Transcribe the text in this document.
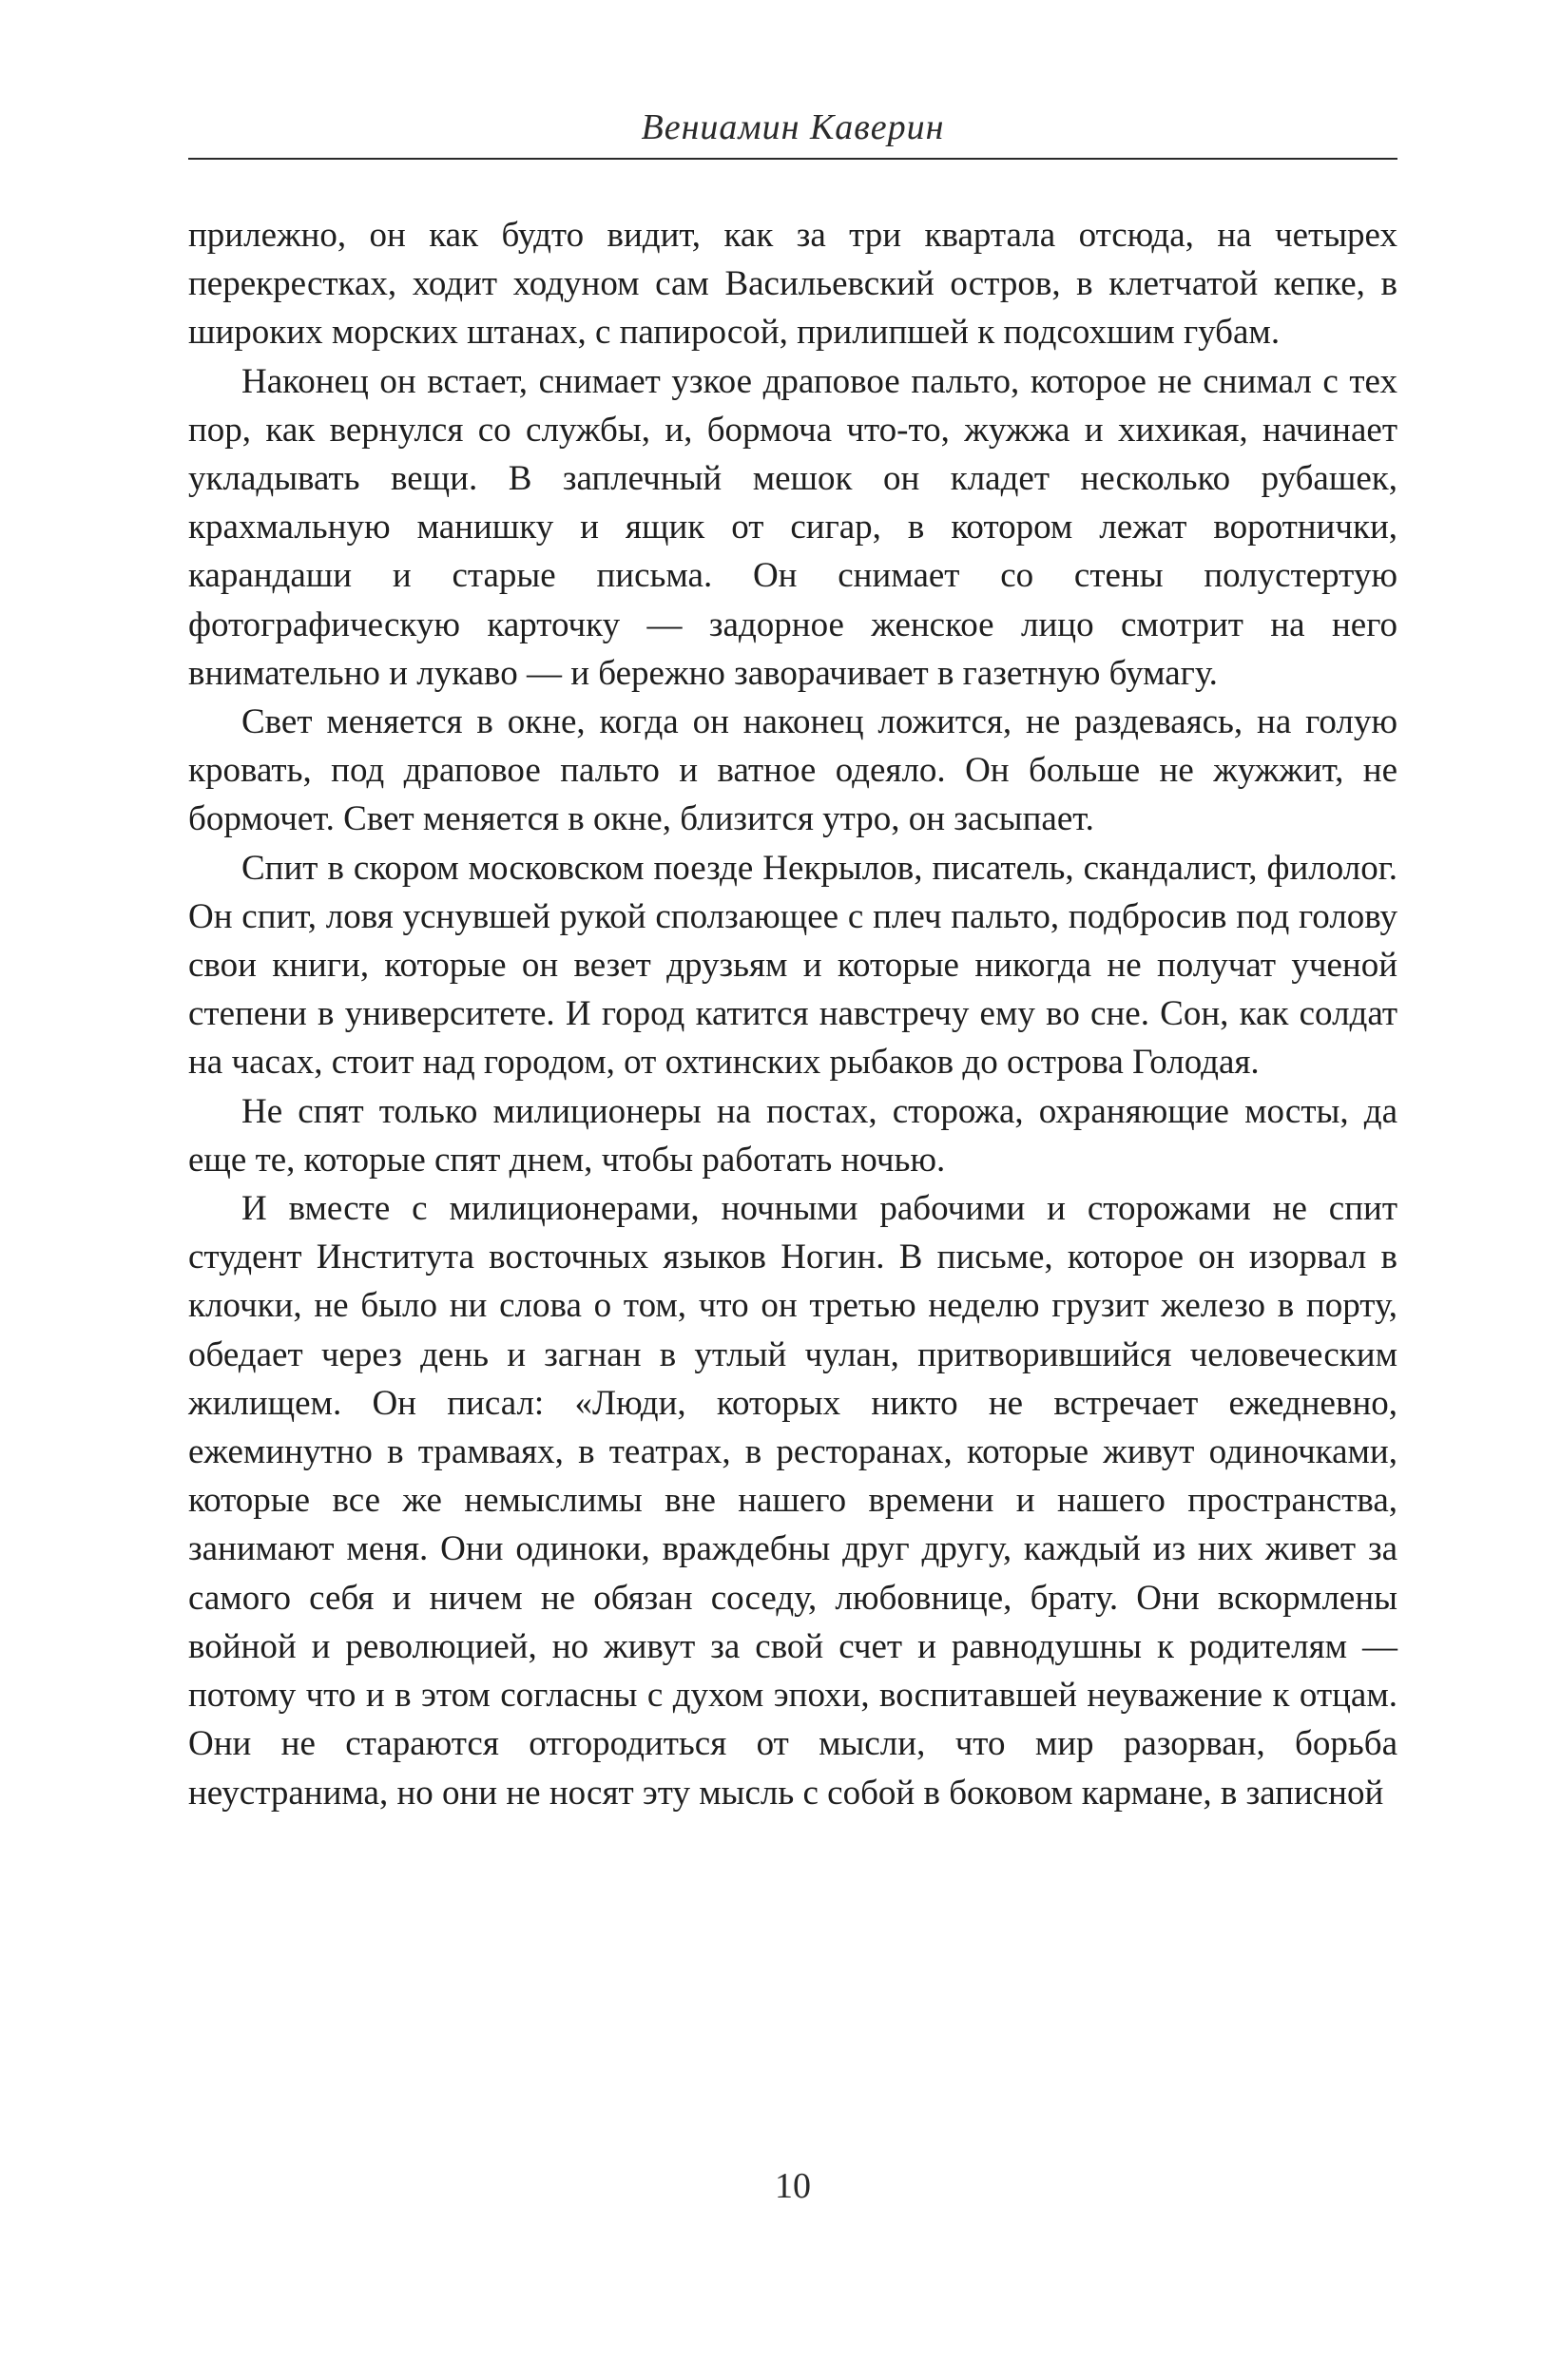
Вениамин Каверин

прилежно, он как будто видит, как за три квартала отсюда, на четырех перекрестках, ходит ходуном сам Васильевский остров, в клетчатой кепке, в широких морских штанах, с папиросой, прилипшей к подсохшим губам.

Наконец он встает, снимает узкое драповое пальто, которое не снимал с тех пор, как вернулся со службы, и, бормоча что-то, жужжа и хихикая, начинает укладывать вещи. В заплечный мешок он кладет несколько рубашек, крахмальную манишку и ящик от сигар, в котором лежат воротнички, карандаши и старые письма. Он снимает со стены полустертую фотографическую карточку — задорное женское лицо смотрит на него внимательно и лукаво — и бережно заворачивает в газетную бумагу.

Свет меняется в окне, когда он наконец ложится, не раздеваясь, на голую кровать, под драповое пальто и ватное одеяло. Он больше не жужжит, не бормочет. Свет меняется в окне, близится утро, он засыпает.

Спит в скором московском поезде Некрылов, писатель, скандалист, филолог. Он спит, ловя уснувшей рукой сползающее с плеч пальто, подбросив под голову свои книги, которые он везет друзьям и которые никогда не получат ученой степени в университете. И город катится навстречу ему во сне. Сон, как солдат на часах, стоит над городом, от охтинских рыбаков до острова Голодая.

Не спят только милиционеры на постах, сторожа, охраняющие мосты, да еще те, которые спят днем, чтобы работать ночью.

И вместе с милиционерами, ночными рабочими и сторожами не спит студент Института восточных языков Ногин. В письме, которое он изорвал в клочки, не было ни слова о том, что он третью неделю грузит железо в порту, обедает через день и загнан в утлый чулан, притворившийся человеческим жилищем. Он писал: «Люди, которых никто не встречает ежедневно, ежеминутно в трамваях, в театрах, в ресторанах, которые живут одиночками, которые все же немыслимы вне нашего времени и нашего пространства, занимают меня. Они одиноки, враждебны друг другу, каждый из них живет за самого себя и ничем не обязан соседу, любовнице, брату. Они вскормлены войной и революцией, но живут за свой счет и равнодушны к родителям — потому что и в этом согласны с духом эпохи, воспитавшей неуважение к отцам. Они не стараются отгородиться от мысли, что мир разорван, борьба неустранима, но они не носят эту мысль с собой в боковом кармане, в записной

10
